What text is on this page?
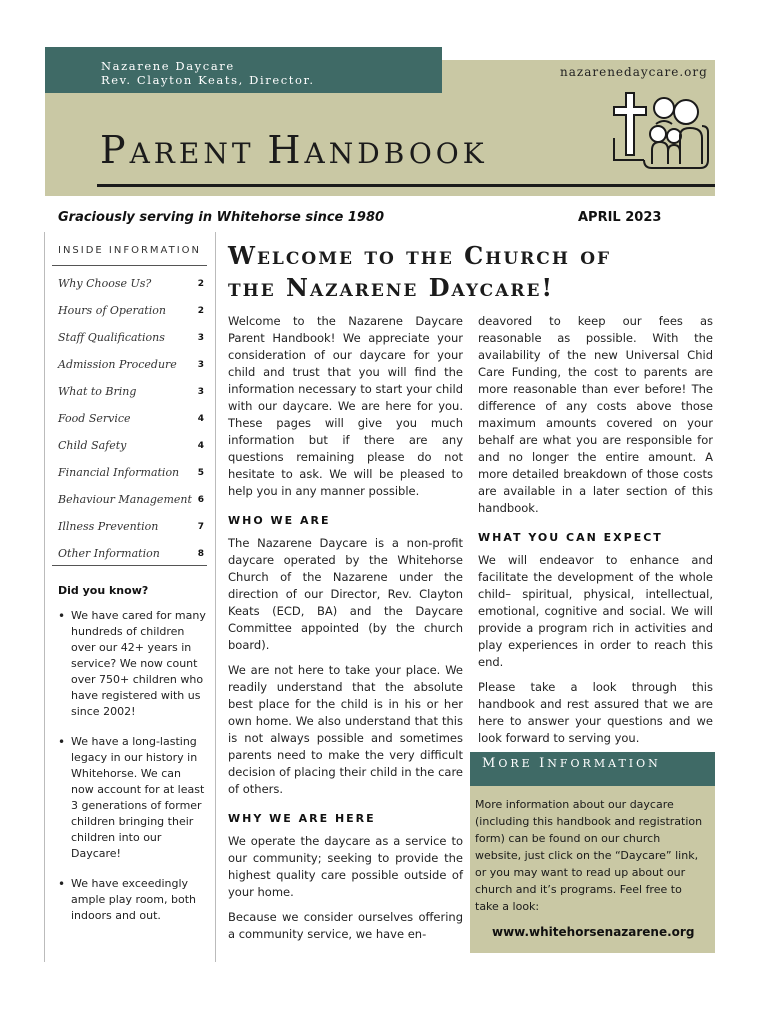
Nazarene Daycare
Rev. Clayton Keats, Director.
nazarenedaycare.org
PARENT HANDBOOK
Graciously serving in Whitehorse since 1980	APRIL 2023
INSIDE INFORMATION
Why Choose Us?	2
Hours of Operation	2
Staff Qualifications	3
Admission Procedure 3
What to Bring	3
Food Service	4
Child Safety	4
Financial Information 5
Behaviour Management 6
Illness Prevention	7
Other Information	8
Did you know?
• We have cared for many hundreds of children over our 42+ years in service? We now count over 750+ children who have registered with us since 2002!
• We have a long-lasting legacy in our history in Whitehorse. We can now account for at least 3 generations of former children bringing their children into our Daycare!
• We have exceedingly ample play room, both indoors and out.
Welcome to the Church of
the Nazarene Daycare!

Welcome to the Nazarene Daycare Parent Handbook! We appreciate your consideration of our daycare for your child and trust that you will find the information necessary to start your child with our daycare. We are here for you. These pages will give you much information but if there are any questions remaining please do not hesitate to ask. We will be pleased to help you in any manner possible.

WHO WE ARE

The Nazarene Daycare is a non-profit daycare operated by the Whitehorse Church of the Nazarene under the direction of our Director, Rev. Clayton Keats (ECD, BA) and the Daycare Committee appointed (by the church board).

We are not here to take your place. We readily understand that the absolute best place for the child is in his or her own home. We also understand that this is not always possible and sometimes parents need to make the very difficult decision of placing their child in the care of others.

WHY WE ARE HERE

We operate the daycare as a service to our community; seeking to provide the highest quality care possible outside of your home.

Because we consider ourselves offering a community service, we have en-

deavored to keep our fees as reasonable as possible. With the availability of the new Universal Chid Care Funding, the cost to parents are more reasonable than ever before! The difference of any costs above those maximum amounts covered on your behalf are what you are responsible for and no longer the entire amount. A more detailed breakdown of those costs are available in a later section of this handbook.

WHAT YOU CAN EXPECT

We will endeavor to enhance and facilitate the development of the whole child– spiritual, physical, intellectual, emotional, cognitive and social. We will provide a program rich in activities and play experiences in order to reach this end.

Please take a look through this handbook and rest assured that we are here to answer your questions and we look forward to serving you.

MORE INFORMATION
More information about our daycare (including this handbook and registration form) can be found on our church website, just click on the “Daycare” link, or you may want to read up about our church and it’s programs. Feel free to take a look:
www.whitehorsenazarene.org
